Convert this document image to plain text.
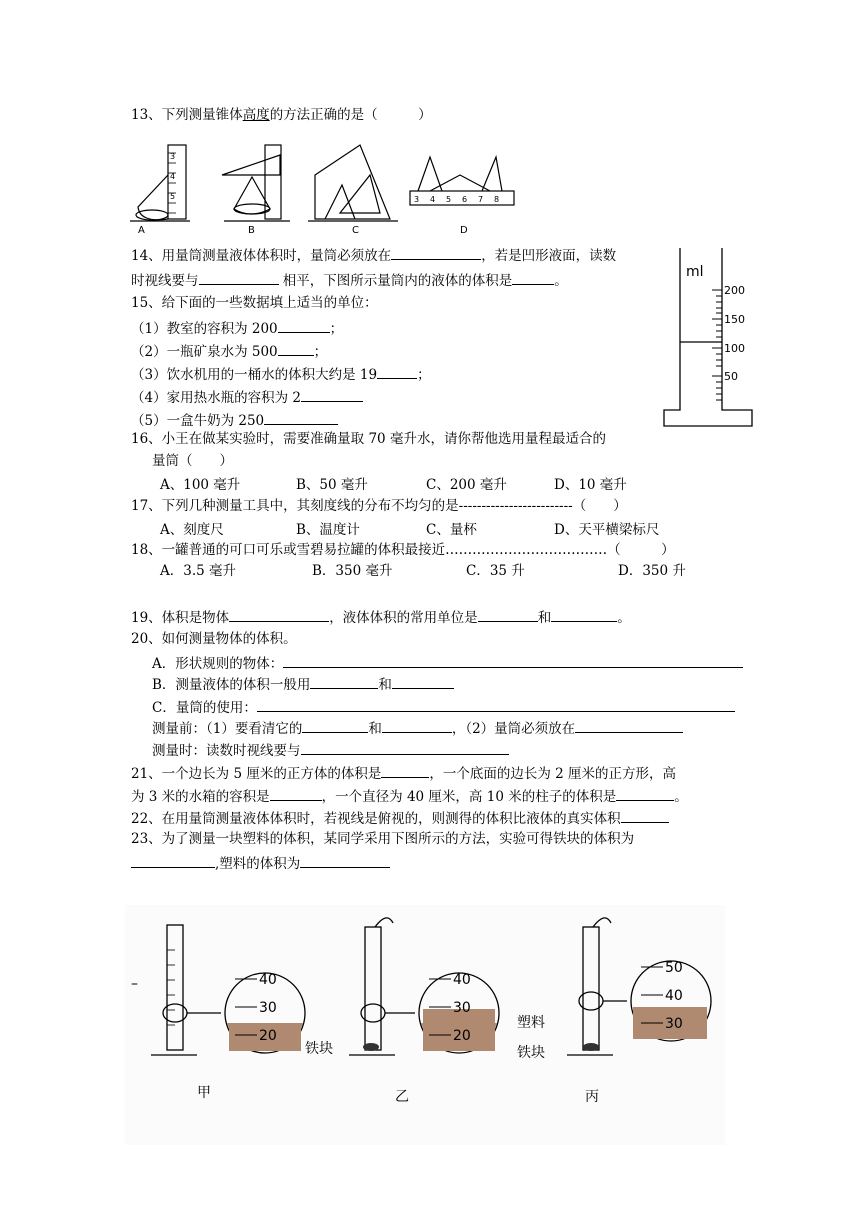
13、下列测量锥体高度的方法正确的是（　　　）
5
4
3
3 4 5 6 7 8
A	B	C	D
14、用量筒测量液体体积时，量筒必须放在	，若是凹形液面，读数
时视线要与	相平，下图所示量筒内的液体的体积是	。
ml
200
150
100
50
15、给下面的一些数据填上适当的单位：
（1）教室的容积为 200	；
（2）一瓶矿泉水为 500	；
（3）饮水机用的一桶水的体积大约是 19	；
（4）家用热水瓶的容积为 2
（5）一盒牛奶为 250
16、小王在做某实验时，需要准确量取 70 毫升水，请你帮他选用量程最适合的
量筒（　　）
A、100 毫升	B、50 毫升	C、200 毫升	D、10 毫升
17、下列几种测量工具中，其刻度线的分布不均匀的是-------------------------（　　）
A、刻度尺	B、温度计	C、量杯	D、天平横梁标尺
18、一罐普通的可口可乐或雪碧易拉罐的体积最接近………………………………（　　　）
A．3.5 毫升	B．350 毫升	C．35 升	D．350 升
19、体积是物体	，液体体积的常用单位是	和	。
20、如何测量物体的体积。
A．形状规则的物体：
B．测量液体的体积一般用	和
C．量筒的使用：
测量前：（1）要看清它的	和	，（2）量筒必须放在
测量时：读数时视线要与
21、一个边长为 5 厘米的正方体的体积是	，一个底面的边长为 2 厘米的正方形，高
为 3 米的水箱的容积是	，一个直径为 40 厘米，高 10 米的柱子的体积是	。
22、在用量筒测量液体体积时，若视线是俯视的，则测得的体积比液体的真实体积
23、为了测量一块塑料的体积，某同学采用下图所示的方法，实验可得铁块的体积为
,塑料的体积为
–	40
30
20
40
30
20
50
40
30
铁块
塑料
铁块
甲	乙	丙
